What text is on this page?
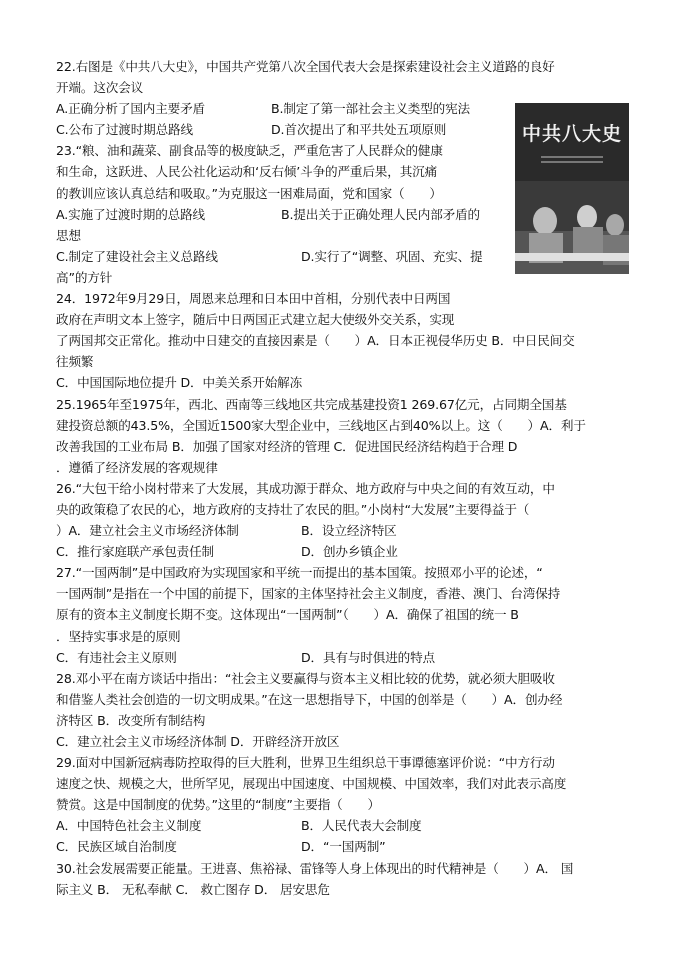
中共八大史
22.右图是《中共八大史》，中国共产党第八次全国代表大会是探索建设社会主义道路的良好
开端。这次会议
A.正确分析了国内主要矛盾	B.制定了第一部社会主义类型的宪法
C.公布了过渡时期总路线	D.首次提出了和平共处五项原则
23.“粮、油和蔬菜、副食品等的极度缺乏，严重危害了人民群众的健康
和生命，这跃进、人民公社化运动和‘反右倾’斗争的严重后果，其沉痛
的教训应该认真总结和吸取。”为克服这一困难局面，党和国家（　　）
A.实施了过渡时期的总路线	B.提出关于正确处理人民内部矛盾的
思想
C.制定了建设社会主义总路线	D.实行了“调整、巩固、充实、提
高”的方针
24．1972年9月29日，周恩来总理和日本田中首相，分别代表中日两国
政府在声明文本上签字，随后中日两国正式建立起大使级外交关系，实现
了两国邦交正常化。推动中日建交的直接因素是（　　）A．日本正视侵华历史 B．中日民间交
往频繁
C．中国国际地位提升 D．中美关系开始解冻
25.1965年至1975年，西北、西南等三线地区共完成基建投资1 269.67亿元，占同期全国基
建投资总额的43.5%，全国近1500家大型企业中，三线地区占到40%以上。这（　　）A．利于
改善我国的工业布局 B．加强了国家对经济的管理 C．促进国民经济结构趋于合理 D
．遵循了经济发展的客观规律
26.“大包干给小岗村带来了大发展，其成功源于群众、地方政府与中央之间的有效互动，中
央的政策稳了农民的心，地方政府的支持壮了农民的胆。”小岗村“大发展”主要得益于（
）A．建立社会主义市场经济体制	B．设立经济特区
C．推行家庭联产承包责任制	D．创办乡镇企业
27.“一国两制”是中国政府为实现国家和平统一而提出的基本国策。按照邓小平的论述，“
一国两制”是指在一个中国的前提下，国家的主体坚持社会主义制度，香港、澳门、台湾保持
原有的资本主义制度长期不变。这体现出“一国两制”（　　）A．确保了祖国的统一 B
．坚持实事求是的原则
C．有违社会主义原则	D．具有与时俱进的特点
28.邓小平在南方谈话中指出：“社会主义要赢得与资本主义相比较的优势，就必须大胆吸收
和借鉴人类社会创造的一切文明成果。”在这一思想指导下，中国的创举是（　　）A．创办经
济特区 B．改变所有制结构
C．建立社会主义市场经济体制 D．开辟经济开放区
29.面对中国新冠病毒防控取得的巨大胜利，世界卫生组织总干事谭德塞评价说：“中方行动
速度之快、规模之大，世所罕见，展现出中国速度、中国规模、中国效率，我们对此表示高度
赞赏。这是中国制度的优势。”这里的“制度”主要指（　　）
A．中国特色社会主义制度	B．人民代表大会制度
C．民族区域自治制度	D．“一国两制”
30.社会发展需要正能量。王进喜、焦裕禄、雷锋等人身上体现出的时代精神是（　　）A． 国
际主义 B． 无私奉献 C． 救亡图存 D． 居安思危
